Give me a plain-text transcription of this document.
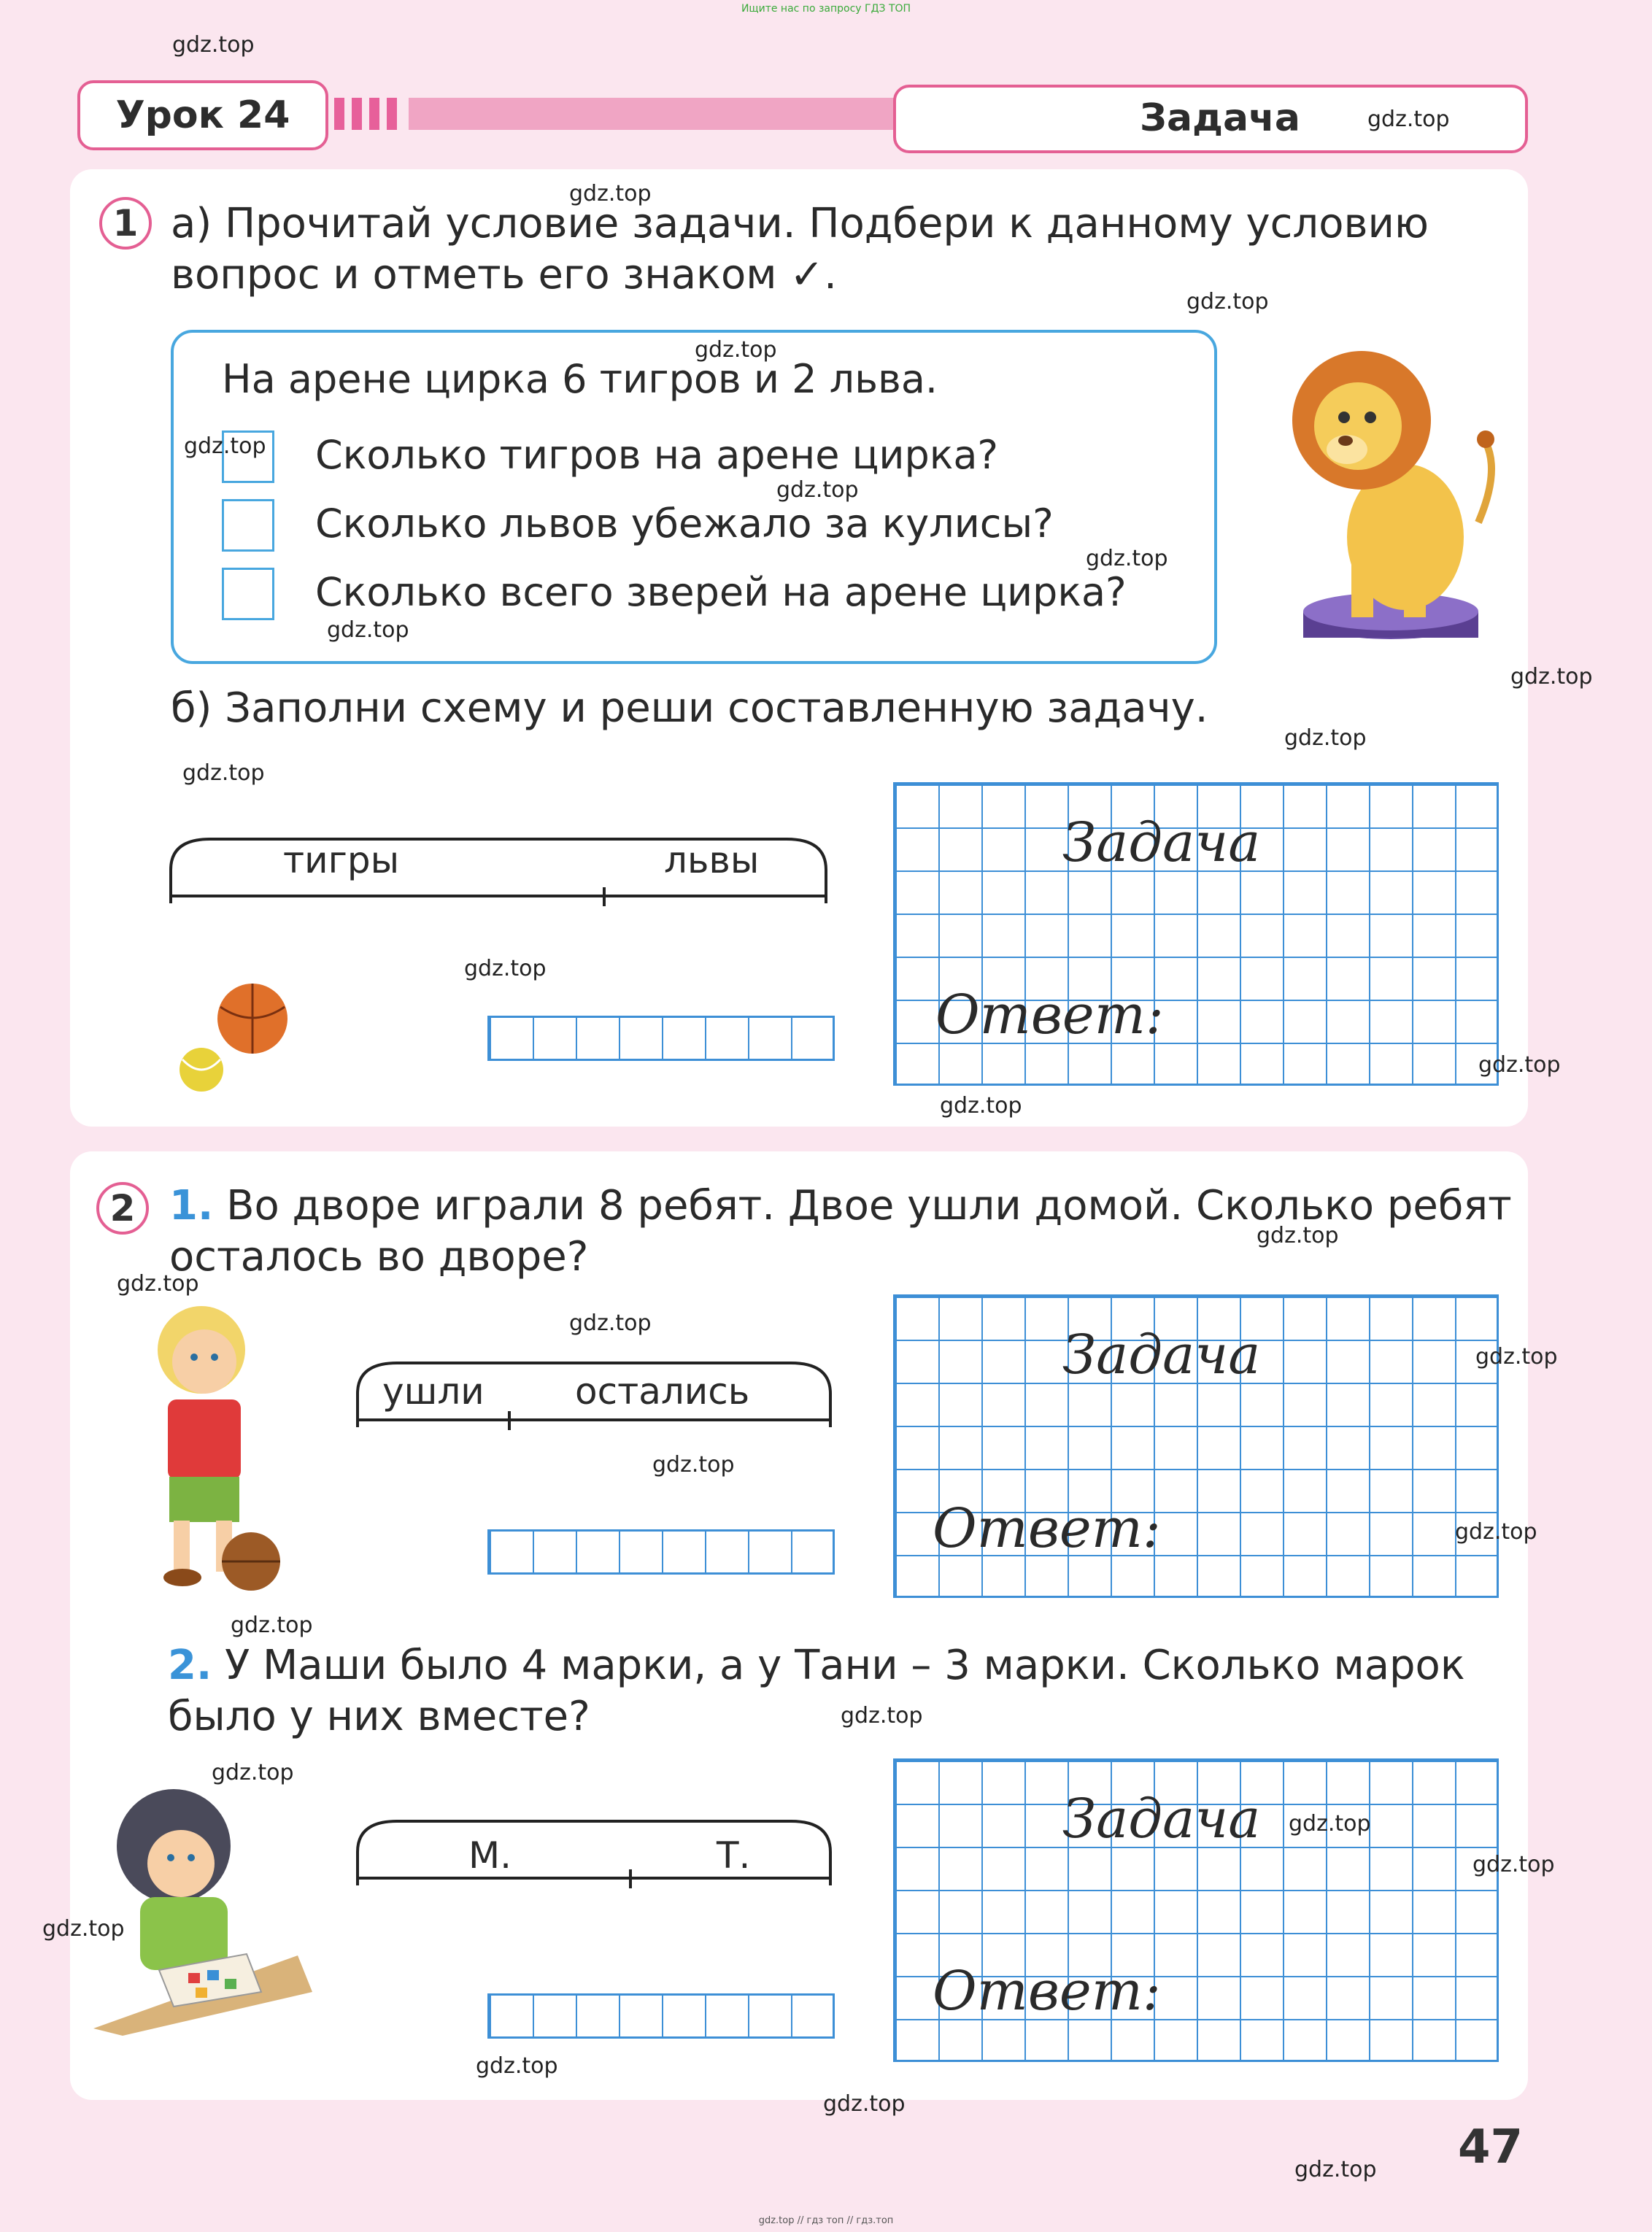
Ищите нас по запросу ГДЗ ТОП
Урок 24	Задача
1 а) Прочитай условие задачи. Подбери к данному условию
вопрос и отметь его знаком ✓.
На арене цирка 6 тигров и 2 льва.
Сколько тигров на арене цирка?
Сколько львов убежало за кулисы?
Сколько всего зверей на арене цирка?
б) Заполни схему и реши составленную задачу.
тигры	львы	Задача
Ответ:
2 1. Во дворе играли 8 ребят. Двое ушли домой. Сколько ребят
осталось во дворе?
ушли остались
Задача
Ответ:
2. У Маши было 4 марки, а у Тани – 3 марки. Сколько марок
было у них вместе?
М.	Т.
Задача
Ответ:
47
gdz.top
gdz.top
gdz.top
gdz.top
gdz.top
gdz.top
gdz.top
gdz.top
gdz.top
gdz.top
gdz.top
gdz.top
gdz.top
gdz.top
gdz.top
gdz.top
gdz.top
gdz.top
gdz.top
gdz.top
gdz.top
gdz.top
gdz.top
gdz.top
gdz.top
gdz.top
gdz.top
gdz.top
gdz.top
gdz.top
gdz.top // гдз топ // гдз.топ
